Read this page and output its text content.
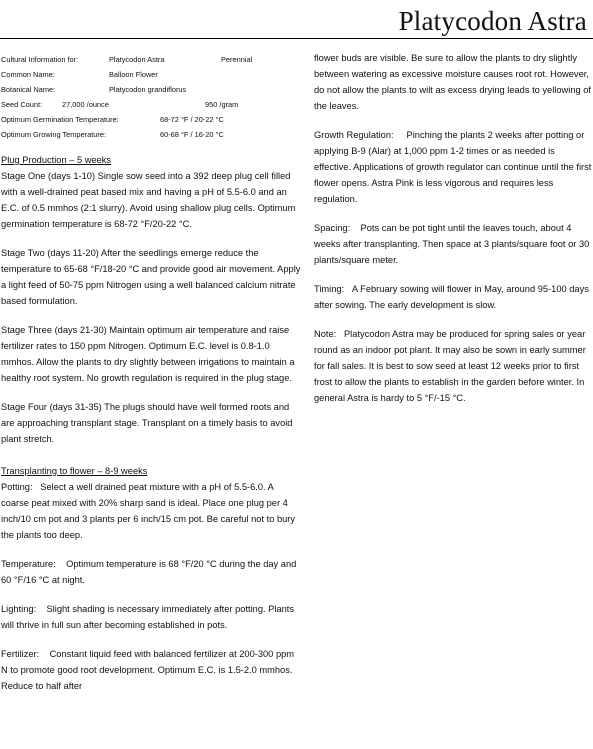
Platycodon Astra
Cultural Information for:	Platycodon Astra	Perennial
Common Name:	Balloon Flower
Botanical Name:	Platycodon grandiflorus
Seed Count:	27,000 /ounce	950 /gram
Optimum Germination Temperature:	68-72 °F / 20-22 °C
Optimum Growing Temperature:	60-68 °F / 16-20 °C
Plug Production – 5 weeks

Stage One (days 1-10) Single sow seed into a 392 deep plug cell filled with a well-drained peat based mix and having a pH of 5.5-6.0 and an E.C. of 0.5 mmhos (2:1 slurry). Avoid using shallow plug cells. Optimum germination temperature is 68-72 °F/20-22 °C.

Stage Two (days 11-20) After the seedlings emerge reduce the temperature to 65-68 °F/18-20 °C and provide good air movement. Apply a light feed of 50-75 ppm Nitrogen using a well balanced calcium nitrate based formulation.

Stage Three (days 21-30) Maintain optimum air temperature and raise fertilizer rates to 150 ppm Nitrogen. Optimum E.C. level is 0.8-1.0 mmhos. Allow the plants to dry slightly between irrigations to maintain a healthy root system. No growth regulation is required in the plug stage.

Stage Four (days 31-35) The plugs should have well formed roots and are approaching transplant stage. Transplant on a timely basis to avoid plant stretch.

Transplanting to flower – 8-9 weeks

Potting: Select a well drained peat mixture with a pH of 5.5-6.0. A coarse peat mixed with 20% sharp sand is ideal. Place one plug per 4 inch/10 cm pot and 3 plants per 6 inch/15 cm pot. Be careful not to bury the plants too deep.

Temperature: Optimum temperature is 68 °F/20 °C during the day and 60 °F/16 °C at night.

Lighting: Slight shading is necessary immediately after potting. Plants will thrive in full sun after becoming established in pots.

Fertilizer: Constant liquid feed with balanced fertilizer at 200-300 ppm N to promote good root development. Optimum E.C. is 1.5-2.0 mmhos. Reduce to half after

flower buds are visible. Be sure to allow the plants to dry slightly between watering as excessive moisture causes root rot. However, do not allow the plants to wilt as excess drying leads to yellowing of the leaves.

Growth Regulation: Pinching the plants 2 weeks after potting or applying B-9 (Alar) at 1,000 ppm 1-2 times or as needed is effective. Applications of growth regulator can continue until the first flower opens. Astra Pink is less vigorous and requires less regulation.

Spacing: Pots can be pot tight until the leaves touch, about 4 weeks after transplanting. Then space at 3 plants/square foot or 30 plants/square meter.

Timing: A February sowing will flower in May, around 95-100 days after sowing. The early development is slow.

Note: Platycodon Astra may be produced for spring sales or year round as an indoor pot plant. It may also be sown in early summer for fall sales. It is best to sow seed at least 12 weeks prior to first frost to allow the plants to establish in the garden before winter. In general Astra is hardy to 5 °F/-15 °C.
